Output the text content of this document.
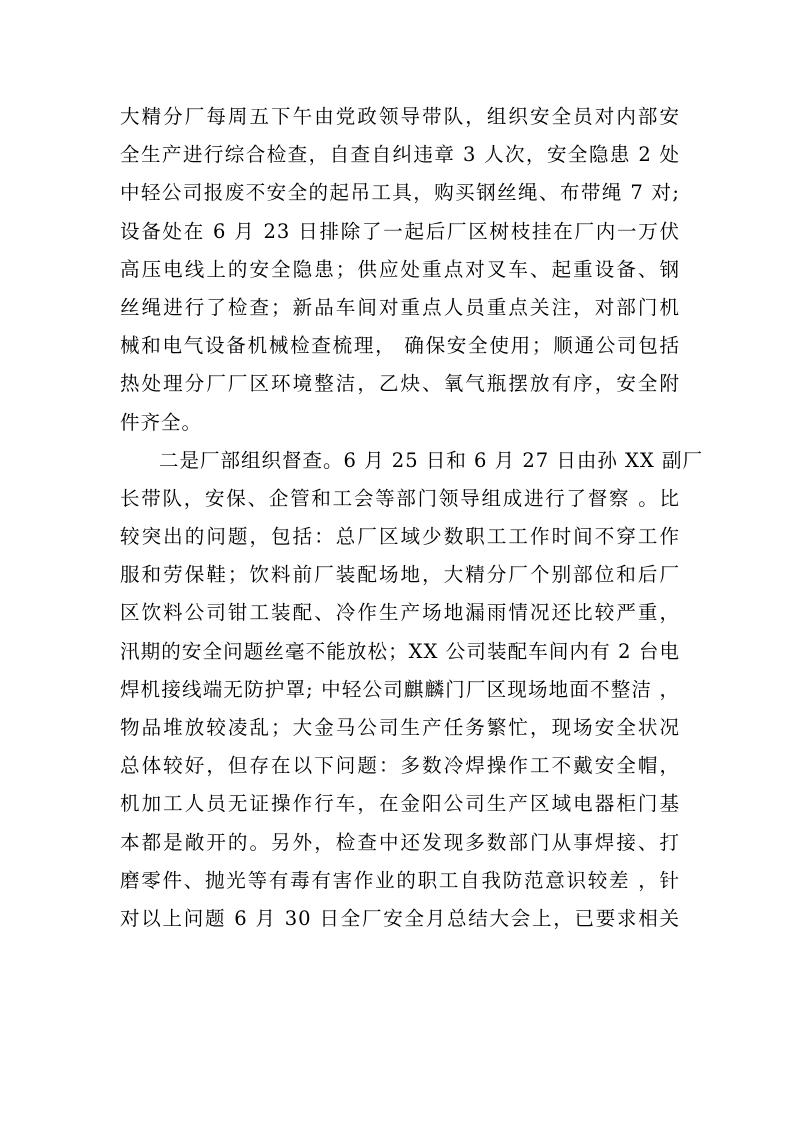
大精分厂每周五下午由党政领导带队，组织安全员对内部安
全生产进行综合检查，自查自纠违章 3 人次，安全隐患 2 处
中轻公司报废不安全的起吊工具，购买钢丝绳、布带绳 7 对;
设备处在 6 月 23 日排除了一起后厂区树枝挂在厂内一万伏
高压电线上的安全隐患；供应处重点对叉车、起重设备、钢
丝绳进行了检查；新品车间对重点人员重点关注，对部门机
械和电气设备机械检查梳理， 确保安全使用；顺通公司包括
热处理分厂厂区环境整洁，乙炔、氧气瓶摆放有序，安全附
件齐全。
二是厂部组织督查。6 月 25 日和 6 月 27 日由孙 XX 副厂
长带队，安保、企管和工会等部门领导组成进行了督察 。比
较突出的问题，包括：总厂区域少数职工工作时间不穿工作
服和劳保鞋；饮料前厂装配场地，大精分厂个别部位和后厂
区饮料公司钳工装配、冷作生产场地漏雨情况还比较严重，
汛期的安全问题丝毫不能放松；XX 公司装配车间内有 2 台电
焊机接线端无防护罩; 中轻公司麒麟门厂区现场地面不整洁 ，
物品堆放较凌乱；大金马公司生产任务繁忙，现场安全状况
总体较好，但存在以下问题：多数冷焊操作工不戴安全帽，
机加工人员无证操作行车，在金阳公司生产区域电器柜门基
本都是敞开的。另外，检查中还发现多数部门从事焊接、打
磨零件、抛光等有毒有害作业的职工自我防范意识较差 ，针
对以上问题 6 月 30 日全厂安全月总结大会上，已要求相关
